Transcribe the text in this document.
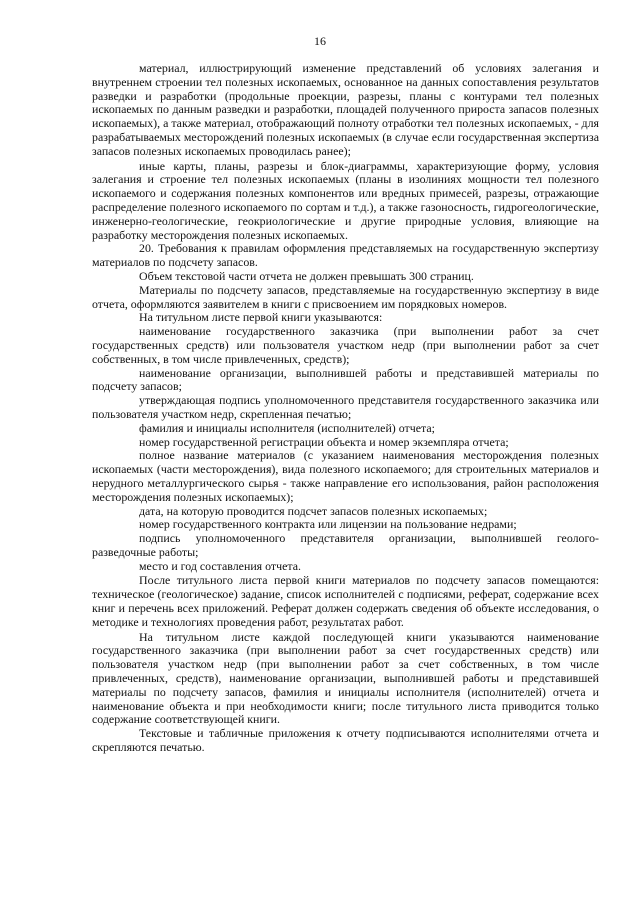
16

материал, иллюстрирующий изменение представлений об условиях залегания и внутреннем строении тел полезных ископаемых, основанное на данных сопоставления результатов разведки и разработки (продольные проекции, разрезы, планы с контурами тел полезных ископаемых по данным разведки и разработки, площадей полученного прироста запасов полезных ископаемых), а также материал, отображающий полноту отработки тел полезных ископаемых, - для разрабатываемых месторождений полезных ископаемых (в случае если государственная экспертиза запасов полезных ископаемых проводилась ранее);

иные карты, планы, разрезы и блок-диаграммы, характеризующие форму, условия залегания и строение тел полезных ископаемых (планы в изолиниях мощности тел полезного ископаемого и содержания полезных компонентов или вредных примесей, разрезы, отражающие распределение полезного ископаемого по сортам и т.д.), а также газоносность, гидрогеологические, инженерно-геологические, геокриологические и другие природные условия, влияющие на разработку месторождения полезных ископаемых.

20. Требования к правилам оформления представляемых на государственную экспертизу материалов по подсчету запасов.

Объем текстовой части отчета не должен превышать 300 страниц.

Материалы по подсчету запасов, представляемые на государственную экспертизу в виде отчета, оформляются заявителем в книги с присвоением им порядковых номеров.

На титульном листе первой книги указываются:

наименование государственного заказчика (при выполнении работ за счет государственных средств) или пользователя участком недр (при выполнении работ за счет собственных, в том числе привлеченных, средств);

наименование организации, выполнившей работы и представившей материалы по подсчету запасов;

утверждающая подпись уполномоченного представителя государственного заказчика или пользователя участком недр, скрепленная печатью;

фамилия и инициалы исполнителя (исполнителей) отчета;

номер государственной регистрации объекта и номер экземпляра отчета;

полное название материалов (с указанием наименования месторождения полезных ископаемых (части месторождения), вида полезного ископаемого; для строительных материалов и нерудного металлургического сырья - также направление его использования, район расположения месторождения полезных ископаемых);

дата, на которую проводится подсчет запасов полезных ископаемых;

номер государственного контракта или лицензии на пользование недрами;

подпись уполномоченного представителя организации, выполнившей геолого-разведочные работы;

место и год составления отчета.

После титульного листа первой книги материалов по подсчету запасов помещаются: техническое (геологическое) задание, список исполнителей с подписями, реферат, содержание всех книг и перечень всех приложений. Реферат должен содержать сведения об объекте исследования, о методике и технологиях проведения работ, результатах работ.

На титульном листе каждой последующей книги указываются наименование государственного заказчика (при выполнении работ за счет государственных средств) или пользователя участком недр (при выполнении работ за счет собственных, в том числе привлеченных, средств), наименование организации, выполнившей работы и представившей материалы по подсчету запасов, фамилия и инициалы исполнителя (исполнителей) отчета и наименование объекта и при необходимости книги; после титульного листа приводится только содержание соответствующей книги.

Текстовые и табличные приложения к отчету подписываются исполнителями отчета и скрепляются печатью.
